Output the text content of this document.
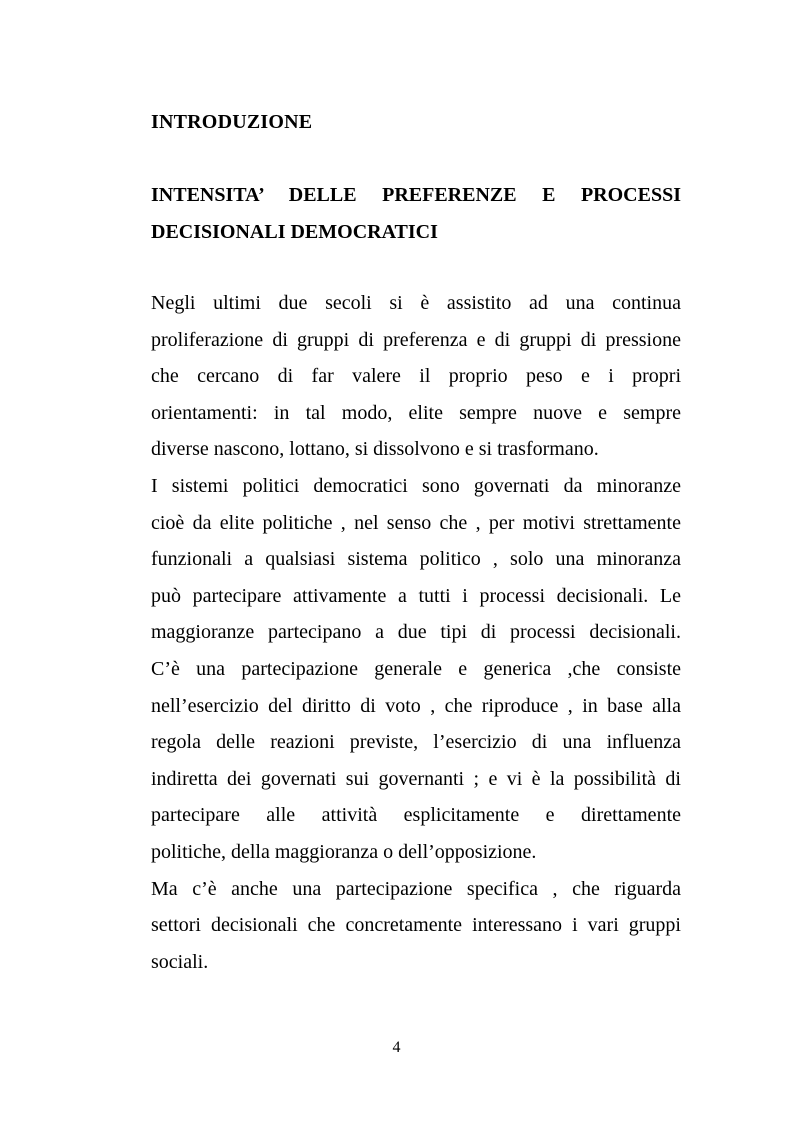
INTRODUZIONE
INTENSITA’ DELLE PREFERENZE E PROCESSI
DECISIONALI DEMOCRATICI
Negli ultimi due secoli si è assistito ad una continua
proliferazione di gruppi di preferenza e di gruppi di pressione
che cercano di far valere il proprio peso e i propri
orientamenti: in tal modo, elite sempre nuove e sempre
diverse nascono, lottano, si dissolvono e si trasformano.
I sistemi politici democratici sono governati da minoranze
cioè da elite politiche , nel senso che , per motivi strettamente
funzionali a qualsiasi sistema politico , solo una minoranza
può partecipare attivamente a tutti i processi decisionali. Le
maggioranze partecipano a due tipi di processi decisionali.
C’è una partecipazione generale e generica ,che consiste
nell’esercizio del diritto di voto , che riproduce , in base alla
regola delle reazioni previste, l’esercizio di una influenza
indiretta dei governati sui governanti ; e vi è la possibilità di
partecipare alle attività esplicitamente e direttamente
politiche, della maggioranza o dell’opposizione.
Ma c’è anche una partecipazione specifica , che riguarda
settori decisionali che concretamente interessano i vari gruppi
sociali.
4
